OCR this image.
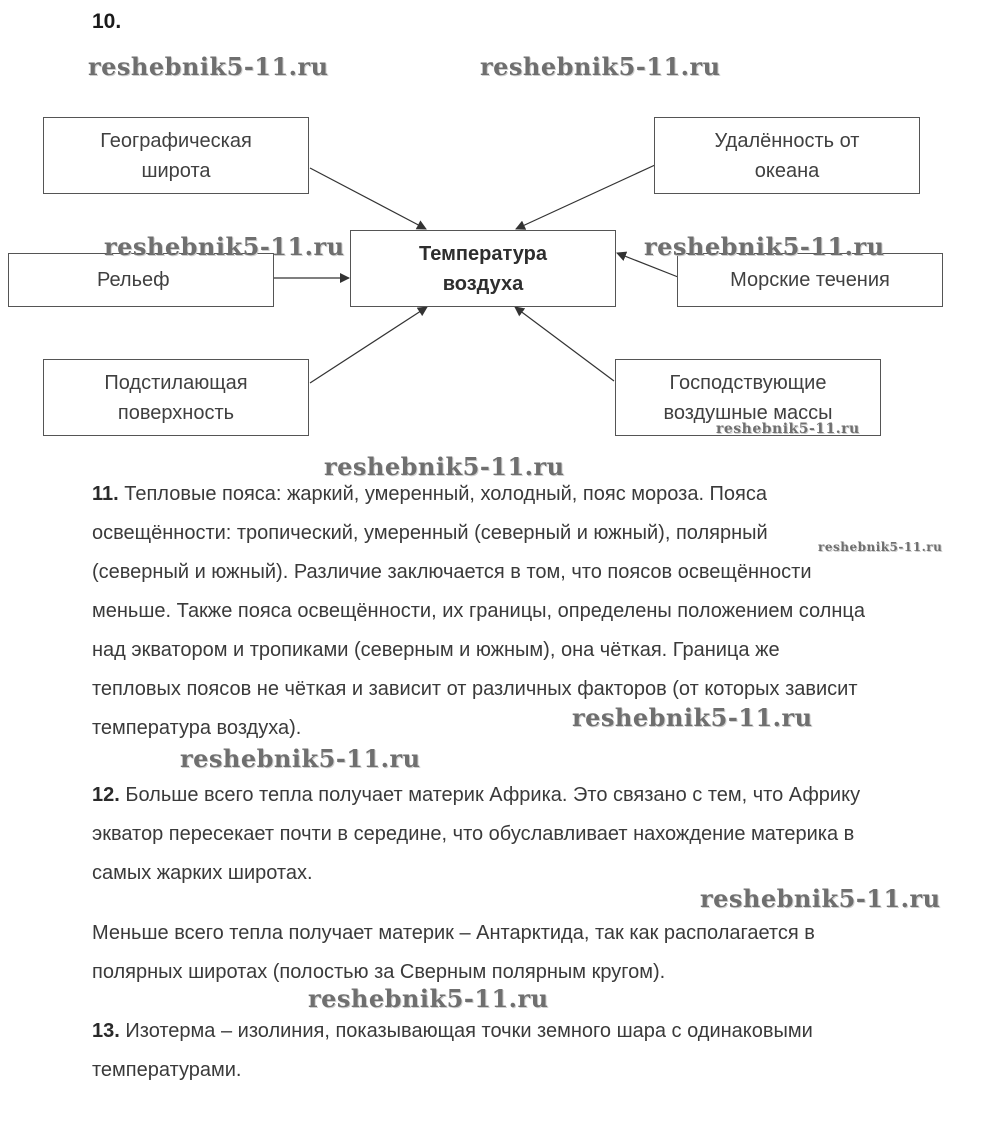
10.
Географическая
широта
Удалённость от
океана
Температура
воздуха
Рельеф	Морские течения
Подстилающая
поверхность
Господствующие
воздушные массы
reshebnik5-11.ru	reshebnik5-11.ru
reshebnik5-11.ru	reshebnik5-11.ru
reshebnik5-11.ru
reshebnik5-11.ru
reshebnik5-11.ru
reshebnik5-11.ru
reshebnik5-11.ru
reshebnik5-11.ru
reshebnik5-11.ru
11. Тепловые пояса: жаркий, умеренный, холодный, пояс мороза. Пояса
освещённости: тропический, умеренный (северный и южный), полярный
(северный и южный). Различие заключается в том, что поясов освещённости
меньше. Также пояса освещённости, их границы, определены положением солнца
над экватором и тропиками (северным и южным), она чёткая. Граница же
тепловых поясов не чёткая и зависит от различных факторов (от которых зависит
температура воздуха).
12. Больше всего тепла получает материк Африка. Это связано с тем, что Африку
экватор пересекает почти в середине, что обуславливает нахождение материка в
самых жарких широтах.
Меньше всего тепла получает материк – Антарктида, так как располагается в
полярных широтах (полостью за Сверным полярным кругом).
13. Изотерма – изолиния, показывающая точки земного шара с одинаковыми
температурами.
